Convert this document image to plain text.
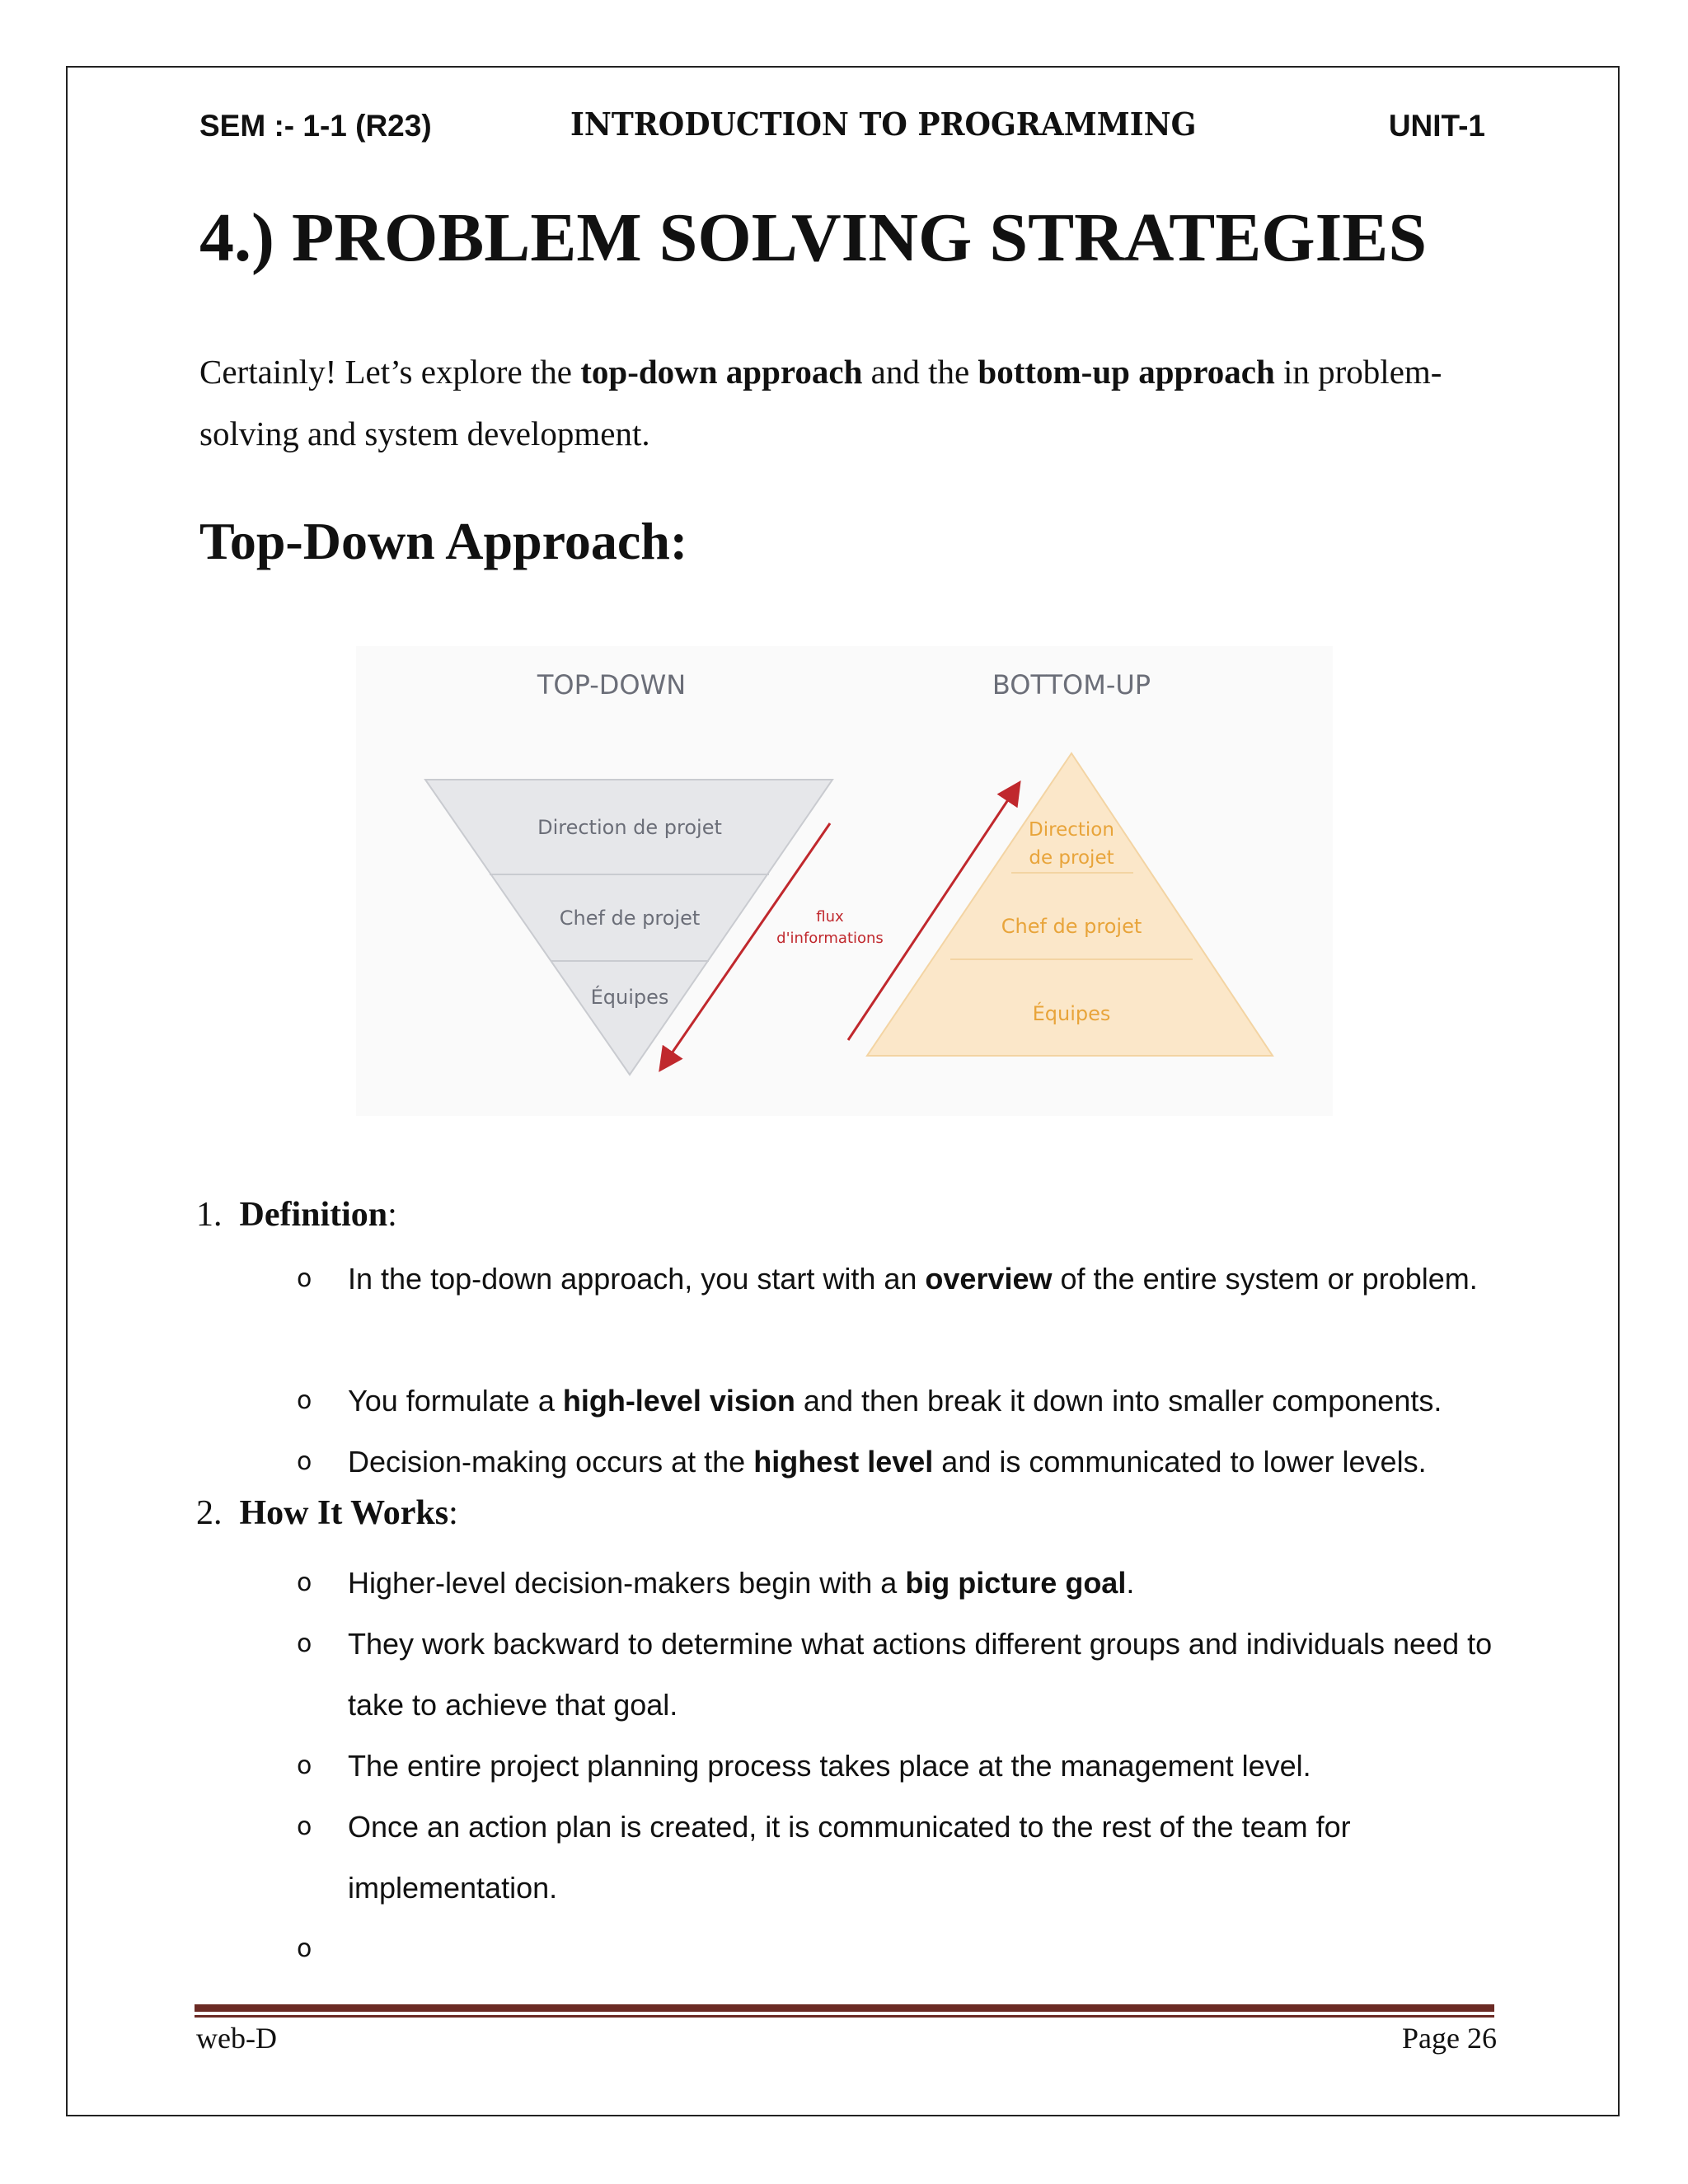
SEM :- 1-1 (R23)	INTRODUCTION TO PROGRAMMING	UNIT-1
4.) PROBLEM SOLVING STRATEGIES
Certainly! Let’s explore the top-down approach and the bottom-up approach in problem-solving and system development.
Top-Down Approach:
TOP-DOWN	BOTTOM-UP
Direction de projet
Chef de projet
Équipes
Direction
de projet
Chef de projet
Équipes
flux
d'informations
1. Definition:
o In the top-down approach, you start with an overview of the entire system or problem.
o You formulate a high-level vision and then break it down into smaller components.
o Decision-making occurs at the highest level and is communicated to lower levels.
2. How It Works:
o Higher-level decision-makers begin with a big picture goal.
o They work backward to determine what actions different groups and individuals need to take to achieve that goal.
o The entire project planning process takes place at the management level.
o Once an action plan is created, it is communicated to the rest of the team for implementation.
o
web-D	Page 26
